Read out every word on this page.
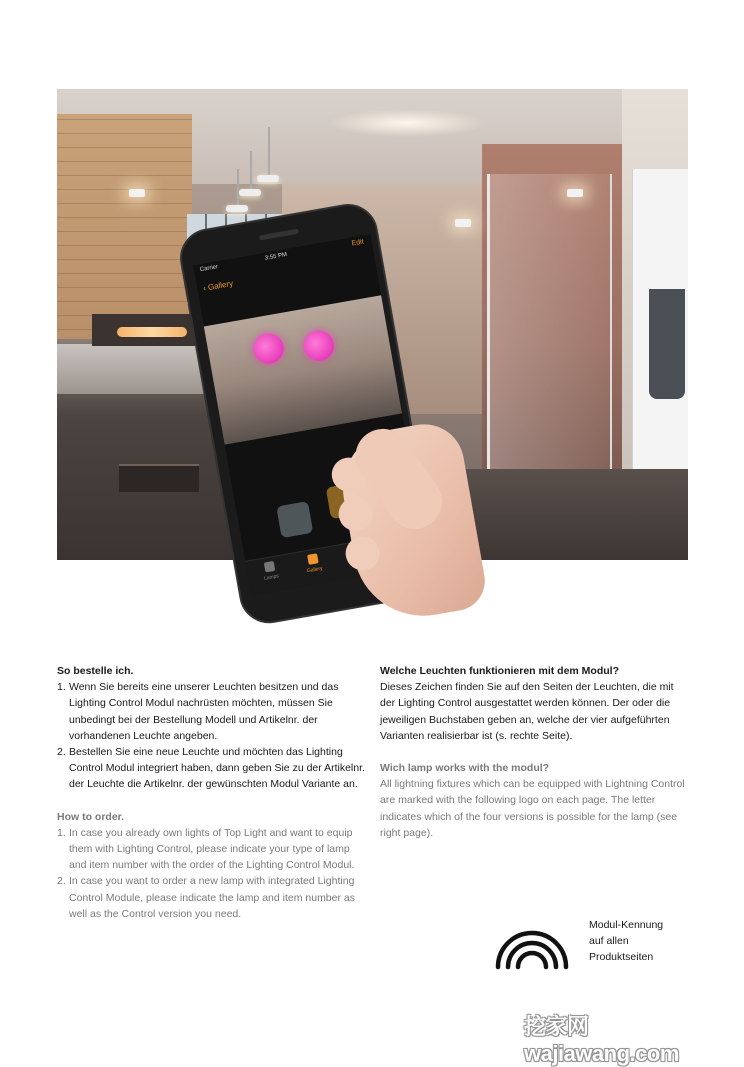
Carrier
3:55 PM
Edit
‹ Gallery
Lamps
Gallery
So bestelle ich.
1. Wenn Sie bereits eine unserer Leuchten besitzen und das Lighting Control Modul nachrüsten möchten, müssen Sie unbedingt bei der Bestellung Modell und Artikelnr. der vorhandenen Leuchte angeben.
2. Bestellen Sie eine neue Leuchte und möchten das Lighting Control Modul integriert haben, dann geben Sie zu der Artikelnr. der Leuchte die Artikelnr. der gewünschten Modul Variante an.
How to order.
1. In case you already own lights of Top Light and want to equip them with Lighting Control, please indicate your type of lamp and item number with the order of the Lighting Control Modul.
2. In case you want to order a new lamp with integrated Lighting Control Module, please indicate the lamp and item number as well as the Control version you need.
Welche Leuchten funktionieren mit dem Modul?

Dieses Zeichen finden Sie auf den Seiten der Leuchten, die mit der Lighting Control ausgestattet werden können. Der oder die jeweiligen Buchstaben geben an, welche der vier aufgeführten Varianten realisierbar ist (s. rechte Seite).

Wich lamp works with the modul?

All lightning fixtures which can be equipped with Lightning Control are marked with the following logo on each page. The letter indicates which of the four versions is possible for the lamp (see right page).

Modul-Kennung
auf allen
Produktseiten
挖家网 wajiawang.com
